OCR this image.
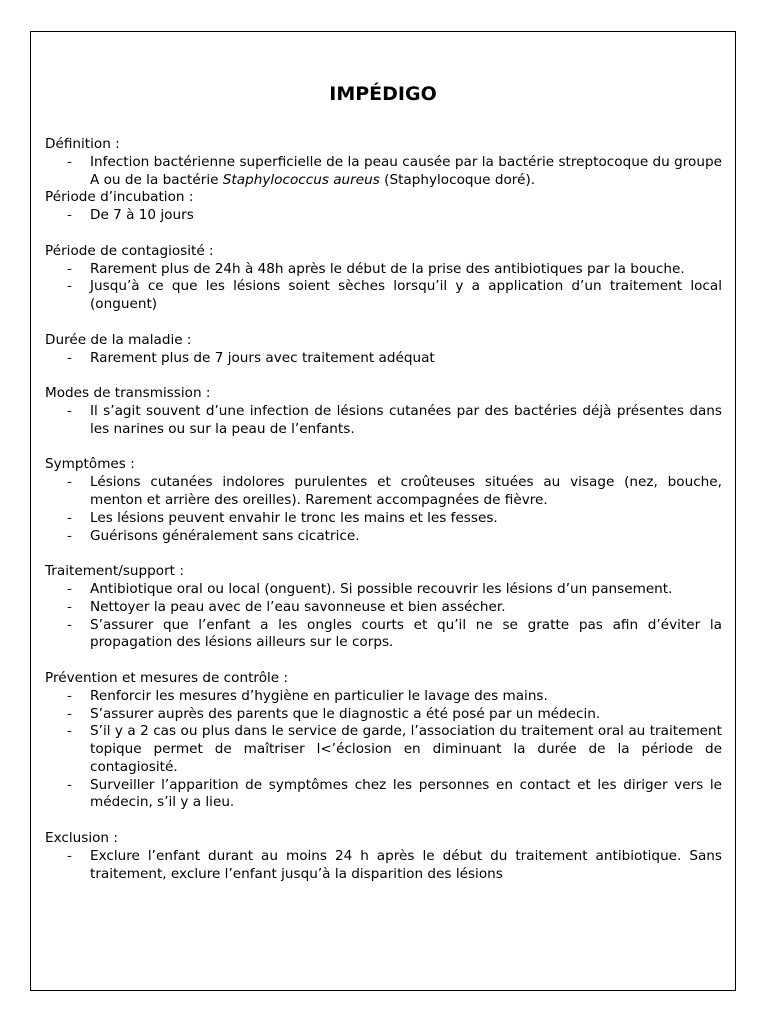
IMPÉDIGO
Définition :
- Infection bactérienne superficielle de la peau causée par la bactérie streptocoque du groupe A ou de la bactérie Staphylococcus aureus (Staphylocoque doré).
Période d’incubation :
- De 7 à 10 jours
Période de contagiosité :
- Rarement plus de 24h à 48h après le début de la prise des antibiotiques par la bouche.
- Jusqu’à ce que les lésions soient sèches lorsqu’il y a application d’un traitement local (onguent)
Durée de la maladie :
- Rarement plus de 7 jours avec traitement adéquat
Modes de transmission :
- Il s’agit souvent d’une infection de lésions cutanées par des bactéries déjà présentes dans les narines ou sur la peau de l’enfants.
Symptômes :
- Lésions cutanées indolores purulentes et croûteuses situées au visage (nez, bouche, menton et arrière des oreilles). Rarement accompagnées de fièvre.
- Les lésions peuvent envahir le tronc les mains et les fesses.
- Guérisons généralement sans cicatrice.
Traitement/support :
- Antibiotique oral ou local (onguent). Si possible recouvrir les lésions d’un pansement.
- Nettoyer la peau avec de l’eau savonneuse et bien assécher.
- S’assurer que l’enfant a les ongles courts et qu’il ne se gratte pas afin d’éviter la propagation des lésions ailleurs sur le corps.
Prévention et mesures de contrôle :
- Renforcir les mesures d’hygiène en particulier le lavage des mains.
- S’assurer auprès des parents que le diagnostic a été posé par un médecin.
- S’il y a 2 cas ou plus dans le service de garde, l’association du traitement oral au traitement topique permet de maîtriser l<’éclosion en diminuant la durée de la période de contagiosité.
- Surveiller l’apparition de symptômes chez les personnes en contact et les diriger vers le médecin, s’il y a lieu.
Exclusion :
- Exclure l’enfant durant au moins 24 h après le début du traitement antibiotique. Sans traitement, exclure l’enfant jusqu’à la disparition des lésions
